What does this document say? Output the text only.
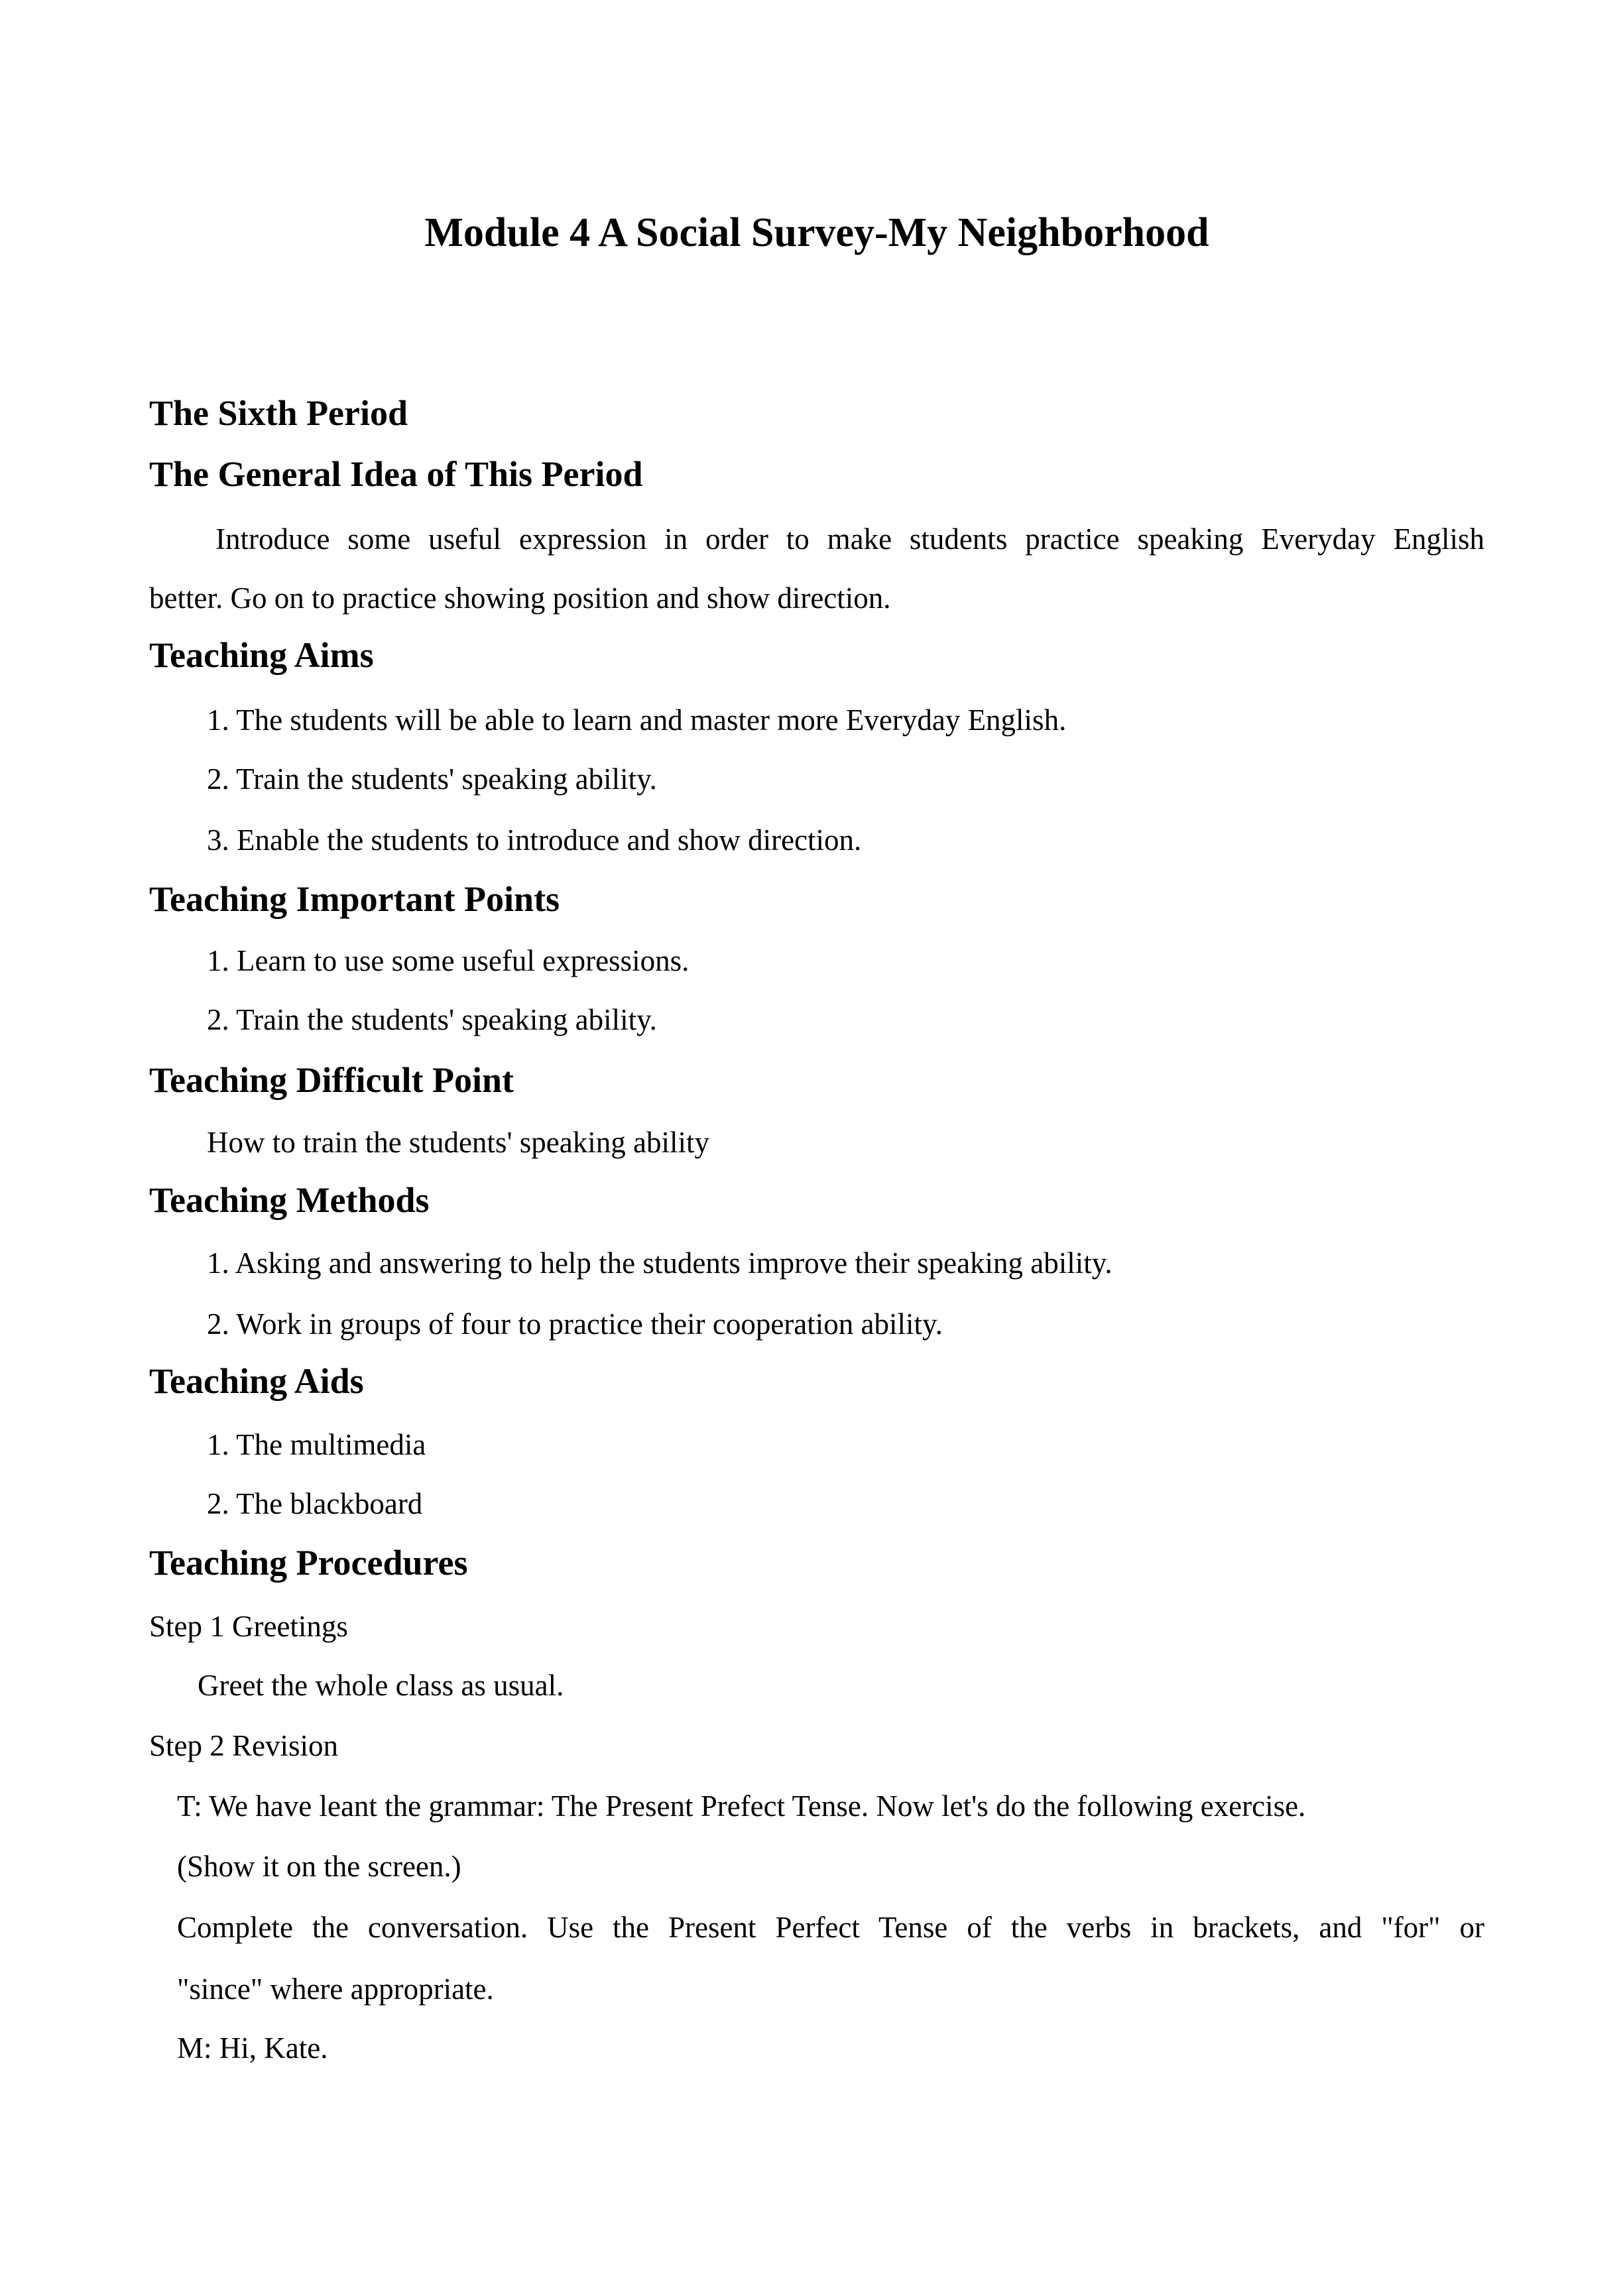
Module 4 A Social Survey-My Neighborhood
The Sixth Period
The General Idea of This Period
Introduce some useful expression in order to make students practice speaking Everyday English
better. Go on to practice showing position and show direction.
Teaching Aims
1. The students will be able to learn and master more Everyday English.
2. Train the students' speaking ability.
3. Enable the students to introduce and show direction.
Teaching Important Points
1. Learn to use some useful expressions.
2. Train the students' speaking ability.
Teaching Difficult Point
How to train the students' speaking ability
Teaching Methods
1. Asking and answering to help the students improve their speaking ability.
2. Work in groups of four to practice their cooperation ability.
Teaching Aids
1. The multimedia
2. The blackboard
Teaching Procedures
Step 1 Greetings
Greet the whole class as usual.
Step 2 Revision
T: We have leant the grammar: The Present Prefect Tense. Now let's do the following exercise.
(Show it on the screen.)
Complete the conversation. Use the Present Perfect Tense of the verbs in brackets, and "for" or
"since" where appropriate.
M: Hi, Kate.
